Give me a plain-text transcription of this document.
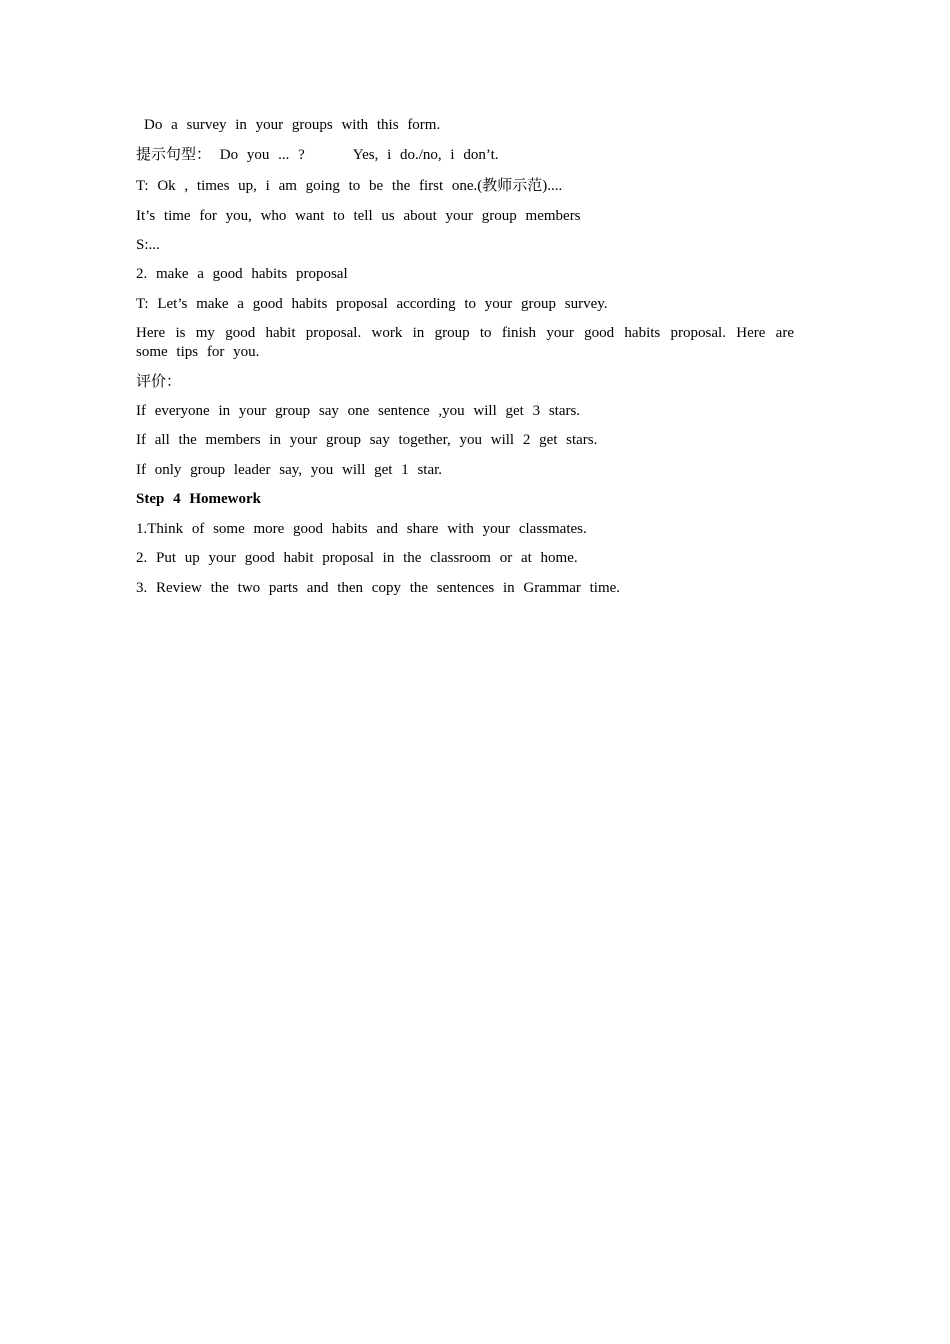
Do a survey in your groups with this form.
提示句型： Do you ... ?	Yes, i do./no, i don’t.
T: Ok , times up, i am going to be the first one.(教师示范)....
It’s time for you, who want to tell us about your group members
S:...
2. make a good habits proposal
T: Let’s make a good habits proposal according to your group survey.
Here is my good habit proposal. work in group to finish your good habits proposal. Here are some tips for you.
评价：
If everyone in your group say one sentence ,you will get 3 stars.
If all the members in your group say together, you will 2 get stars.
If only group leader say, you will get 1 star.
Step 4 Homework
1.Think of some more good habits and share with your classmates.
2. Put up your good habit proposal in the classroom or at home.
3. Review the two parts and then copy the sentences in Grammar time.
